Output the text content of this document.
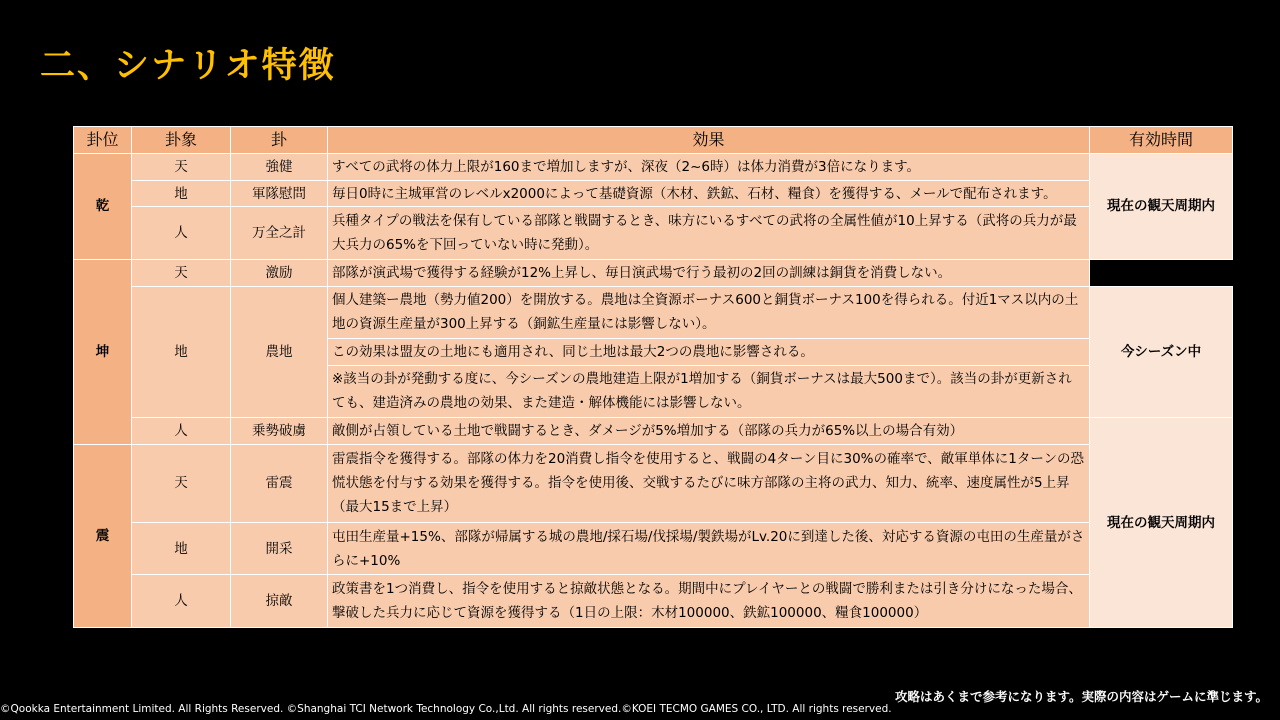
二、シナリオ特徴
卦位	卦象	卦	効果	有効時間
乾	天	強健	すべての武将の体力上限が160まで増加しますが、深夜（2~6時）は体力消費が3倍になります。	現在の観天周期内
	地	軍隊慰問	毎日0時に主城軍営のレベルx2000によって基礎資源（木材、鉄鉱、石材、糧食）を獲得する、メールで配布されます。	

	人	万全之計	兵種タイプの戦法を保有している部隊と戦闘するとき、味方にいるすべての武将の全属性値が10上昇する（武将の兵力が最大兵力の65%を下回っていない時に発動）。	

坤	天	激励	部隊が演武場で獲得する経験が12%上昇し、毎日演武場で行う最初の2回の訓練は銅貨を消費しない。	
	地	農地	個人建築ー農地（勢力値200）を開放する。農地は全資源ボーナス600と銅貨ボーナス100を得られる。付近1マス以内の土地の資源生産量が300上昇する（銅鉱生産量には影響しない）。	今シーズン中
			この効果は盟友の土地にも適用され、同じ土地は最大2つの農地に影響される。	
			※該当の卦が発動する度に、今シーズンの農地建造上限が1増加する（銅貨ボーナスは最大500まで）。該当の卦が更新されても、建造済みの農地の効果、また建造・解体機能には影響しない。	

	人	乗勢破虜	敵側が占領している土地で戦闘するとき、ダメージが5%増加する（部隊の兵力が65%以上の場合有効）	現在の観天周期内
震	天	雷震	雷震指令を獲得する。部隊の体力を20消費し指令を使用すると、戦闘の4ターン目に30%の確率で、敵軍単体に1ターンの恐慌状態を付与する効果を獲得する。指令を使用後、交戦するたびに味方部隊の主将の武力、知力、統率、速度属性が5上昇（最大15まで上昇）	

	地	開采	屯田生産量+15%、部隊が帰属する城の農地/採石場/伐採場/製鉄場がLv.20に到達した後、対応する資源の屯田の生産量がさらに+10%	

	人	掠敵	政策書を1つ消費し、指令を使用すると掠敵状態となる。期間中にプレイヤーとの戦闘で勝利または引き分けになった場合、撃破した兵力に応じて資源を獲得する（1日の上限：木材100000、鉄鉱100000、糧食100000）	

攻略はあくまで参考になります。実際の内容はゲームに準じます。
©Qookka Entertainment Limited. All Rights Reserved. ©Shanghai TCI Network Technology Co.,Ltd. All rights reserved.©KOEI TECMO GAMES CO., LTD. All rights reserved.
